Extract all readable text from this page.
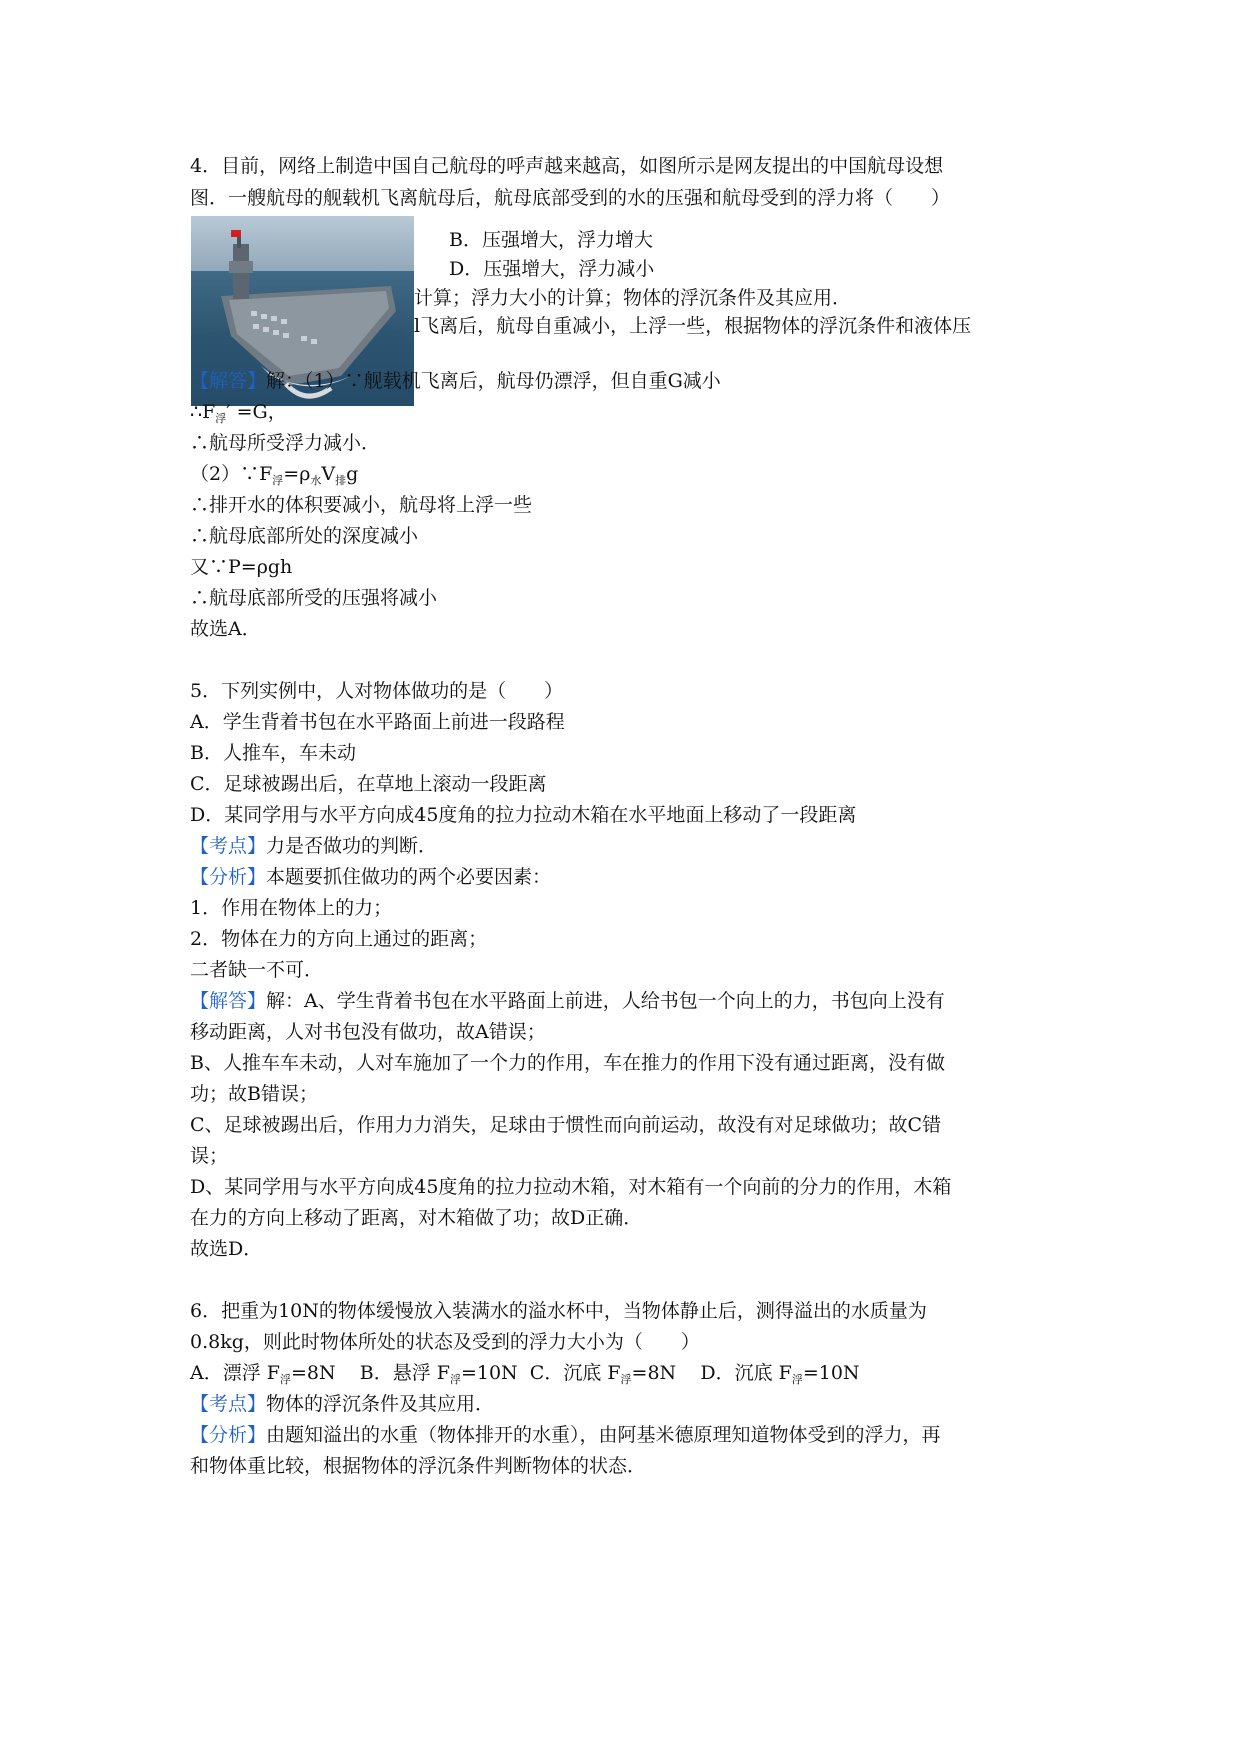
4．目前，网络上制造中国自己航母的呼声越来越高，如图所示是网友提出的中国航母设想
图．一艘航母的舰载机飞离航母后，航母底部受到的水的压强和航母受到的浮力将（　　）
B．压强增大，浮力增大
D．压强增大，浮力减小
计算；浮力大小的计算；物体的浮沉条件及其应用．
l飞离后，航母自重减小，上浮一些，根据物体的浮沉条件和液体压
【解答】解：（1）∵舰载机飞离后，航母仍漂浮，但自重G减小
$\therefore F_浮' =G$，
∴航母所受浮力减小．
$(2)\because F_浮=\rho_水V_排g$
∴排开水的体积要减小，航母将上浮一些
∴航母底部所处的深度减小
又∵P=ρgh
∴航母底部所受的压强将减小
故选A．
5．下列实例中，人对物体做功的是（　　）
A．学生背着书包在水平路面上前进一段路程
B．人推车，车未动
C．足球被踢出后，在草地上滚动一段距离
D．某同学用与水平方向成45度角的拉力拉动木箱在水平地面上移动了一段距离
【考点】力是否做功的判断．
【分析】本题要抓住做功的两个必要因素：
1．作用在物体上的力；
2．物体在力的方向上通过的距离；
二者缺一不可．
【解答】解：A、学生背着书包在水平路面上前进，人给书包一个向上的力，书包向上没有
移动距离，人对书包没有做功，故A错误；
B、人推车车未动，人对车施加了一个力的作用，车在推力的作用下没有通过距离，没有做
功；故B错误；
C、足球被踢出后，作用力力消失，足球由于惯性而向前运动，故没有对足球做功；故C错
误；
D、某同学用与水平方向成45度角的拉力拉动木箱，对木箱有一个向前的分力的作用，木箱
在力的方向上移动了距离，对木箱做了功；故D正确．
故选D．
6．把重为10N的物体缓慢放入装满水的溢水杯中，当物体静止后，测得溢出的水质量为
0.8kg，则此时物体所处的状态及受到的浮力大小为（　　）
A．漂浮 $F_浮=8N$ B．悬浮 $F_浮=10N$ C．沉底 $F_浮=8N$ D．沉底 $F_浮=10N$
【考点】物体的浮沉条件及其应用．
【分析】由题知溢出的水重（物体排开的水重），由阿基米德原理知道物体受到的浮力，再
和物体重比较，根据物体的浮沉条件判断物体的状态．
